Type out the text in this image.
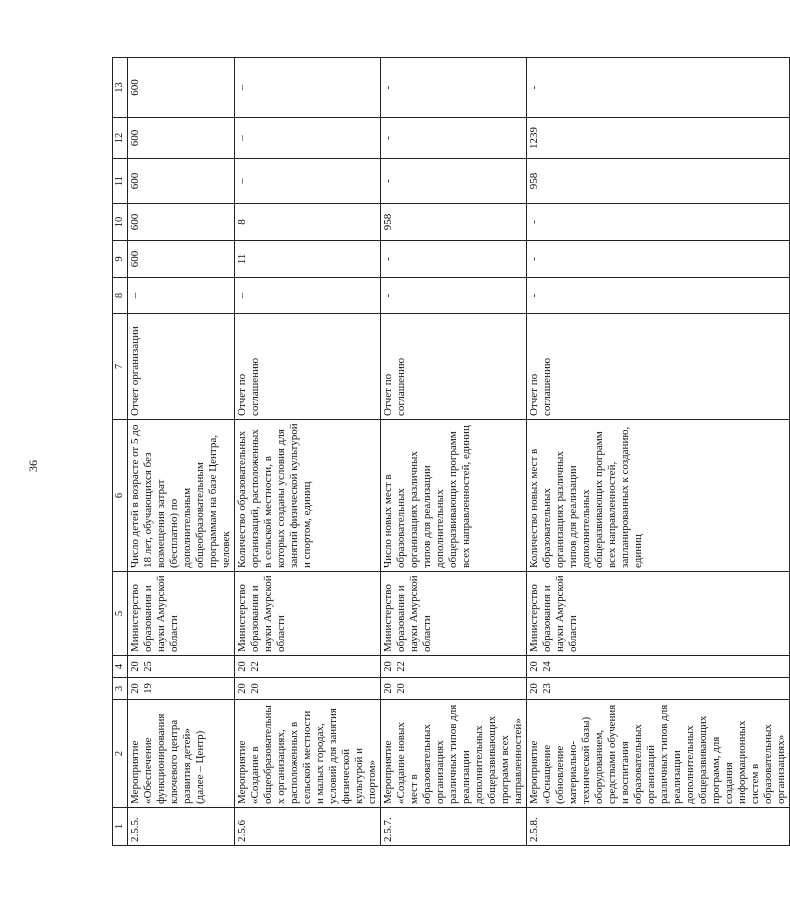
36
1	2	3	4	5	6	7	8	9	10	11	12	13
2.5.5.	Мероприятие «Обеспечение функционирования ключевого центра развития детей» (далее – Центр)	2019	2025	Министерство образования и науки Амурской области	Число детей в возрасте от 5 до 18 лет, обучающихся без возмещения затрат (бесплатно) по дополнительным общеобразовательным программам на базе Центра, человек	Отчет организации	–	600	600	600	600	600
2.5.6	Мероприятие «Создание в общеобразовательных организациях, расположенных в сельской местности и малых городах, условий для занятия физической культурой и спортом»	2020	2022	Министерство образования и науки Амурской области	Количество образовательных организаций, расположенных в сельской местности, в которых созданы условия для занятий физической культурой и спортом, единиц	Отчет по соглашению	–	11	8	–	–	–
2.5.7.	Мероприятие «Создание новых мест в образовательных организациях различных типов для реализации дополнительных общеразвивающих программ всех направленностей»	2020	2022	Министерство образования и науки Амурской области	Число новых мест в образовательных организациях различных типов для реализации дополнительных общеразвивающих программ всех направленностей, единиц	Отчет по соглашению	-	-	958	-	-	-
2.5.8.	Мероприятие «Оснащение (обновление материально-технической базы) оборудованием, средствами обучения и воспитания образовательных организаций различных типов для реализации дополнительных общеразвивающих программ, для создания информационных систем в образовательных организациях»	2023	2024	Министерство образования и науки Амурской области	Количество новых мест в образовательных организациях различных типов для реализации дополнительных общеразвивающих программ всех направленностей, запланированных к созданию, единиц	Отчет по соглашению	-	-	-	958	1239	-
